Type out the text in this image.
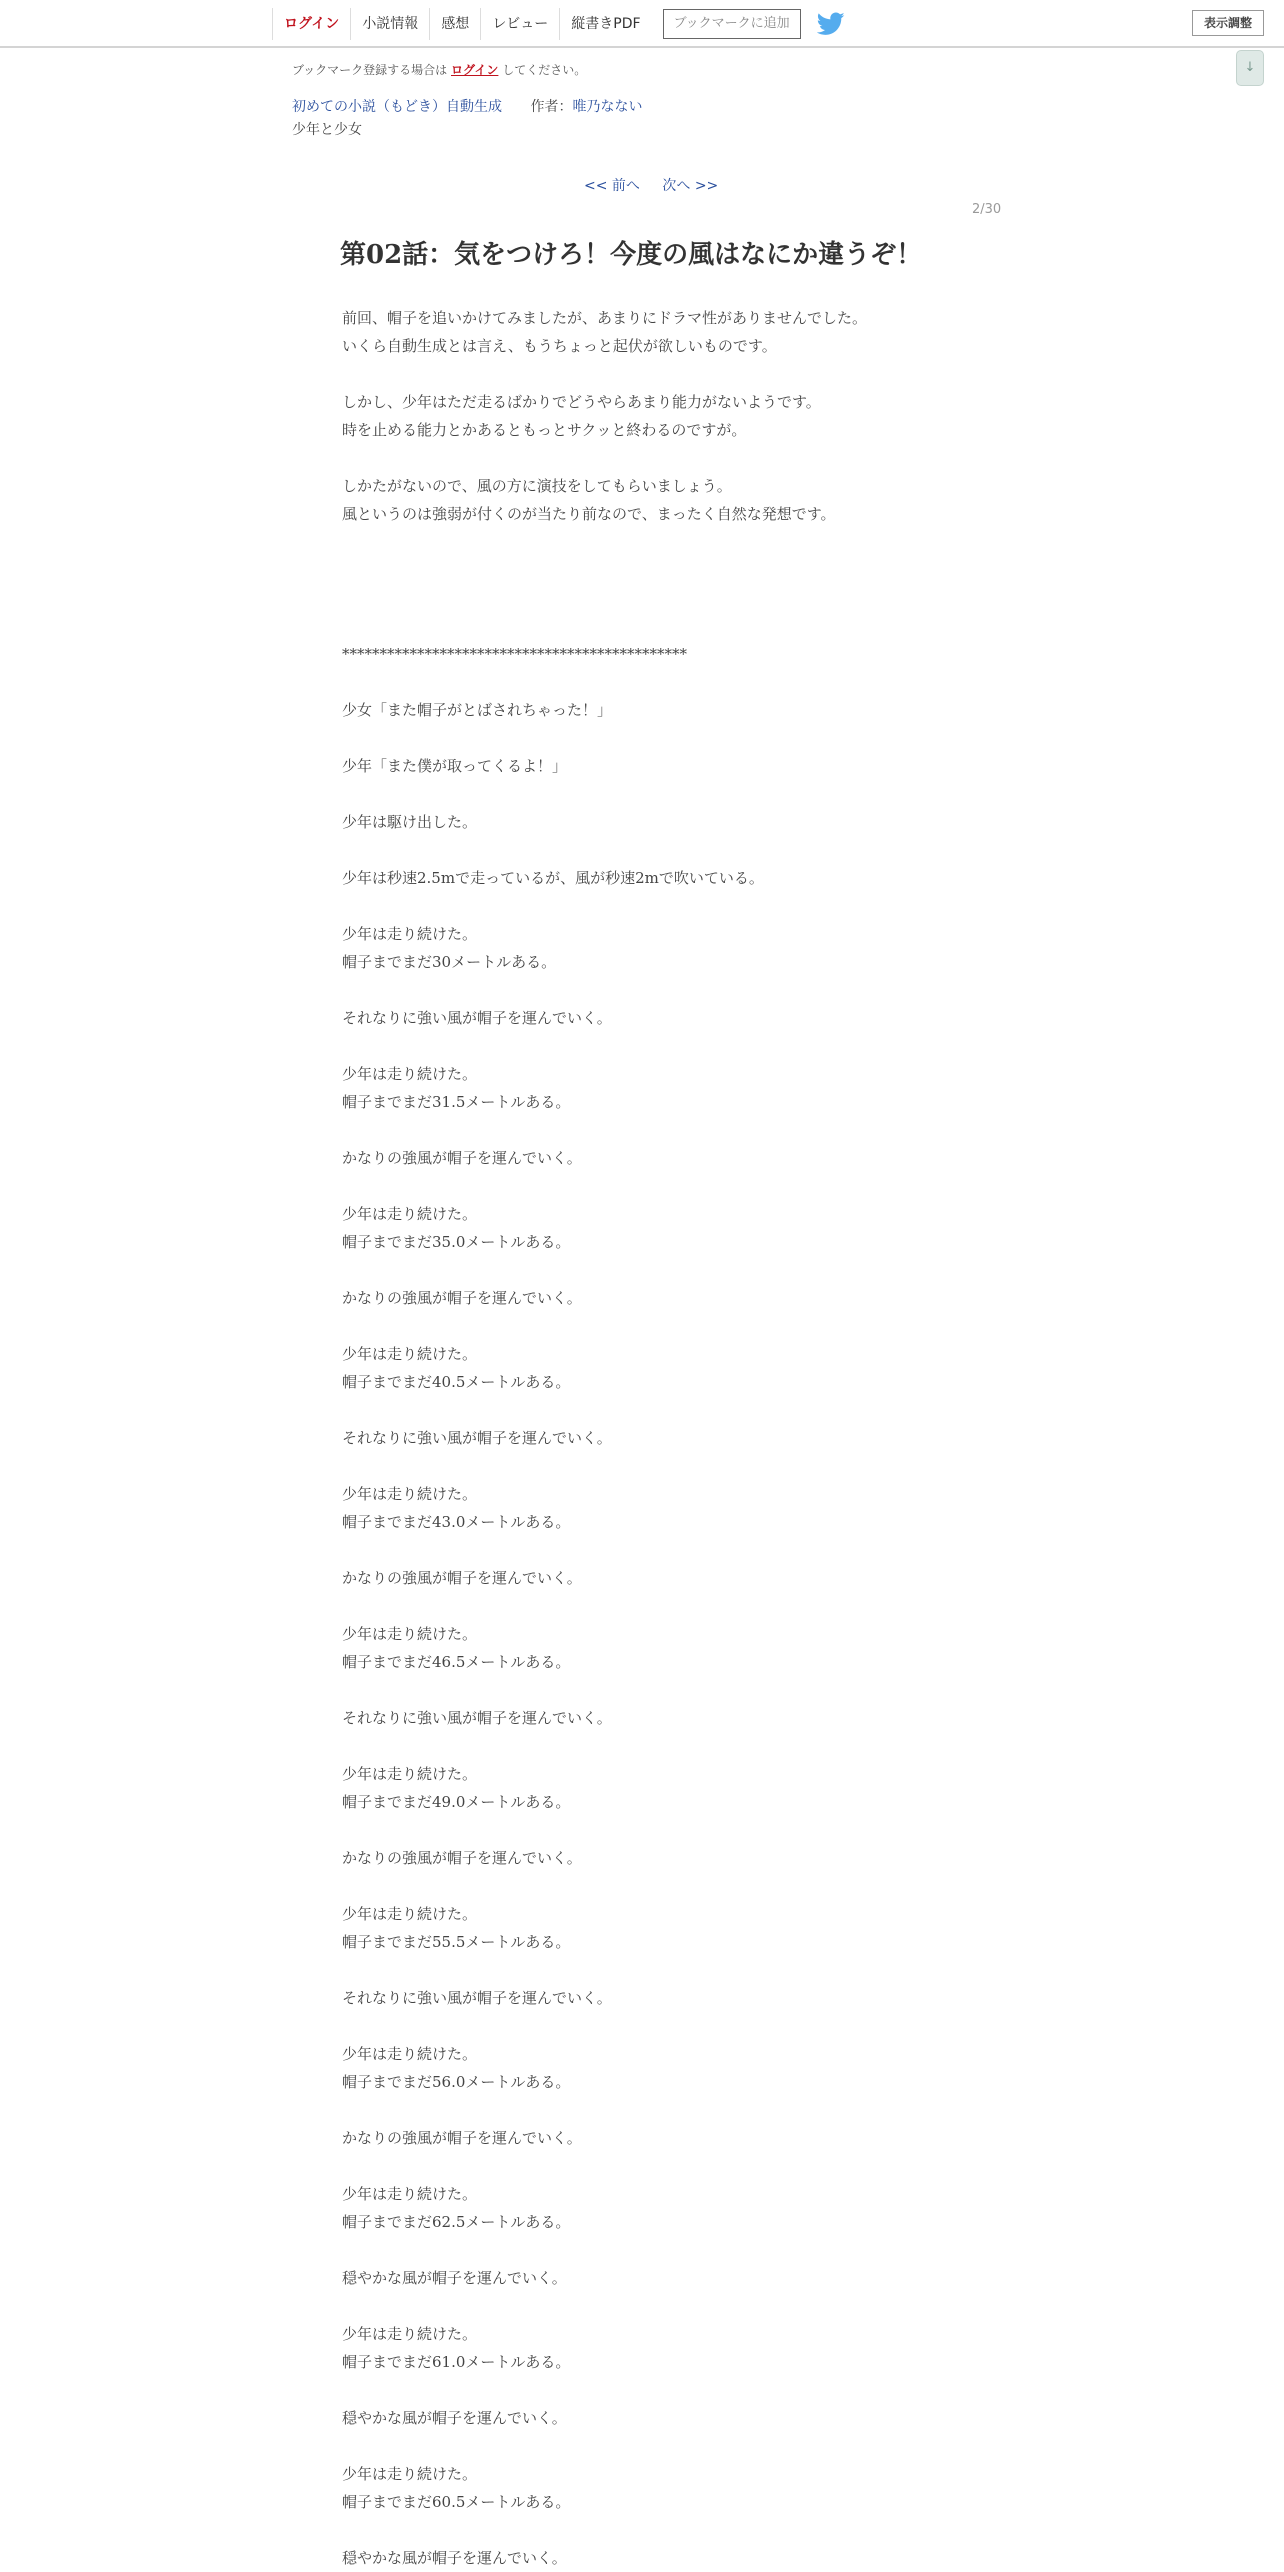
ログイン	小説情報	感想	レビュー	縦書きPDF	ブックマークに追加	表示調整
↓
ブックマーク登録する場合は ログイン してください。
初めての小説（もどき）自動生成 作者：唯乃なない
少年と少女
<< 前へ 次へ >>
2/30
第02話：気をつけろ！今度の風はなにか違うぞ！
前回、帽子を追いかけてみましたが、あまりにドラマ性がありませんでした。
いくら自動生成とは言え、もうちょっと起伏が欲しいものです。
しかし、少年はただ走るばかりでどうやらあまり能力がないようです。
時を止める能力とかあるともっとサクッと終わるのですが。
しかたがないので、風の方に演技をしてもらいましょう。
風というのは強弱が付くのが当たり前なので、まったく自然な発想です。
**********************************************
少女「また帽子がとばされちゃった！」
少年「また僕が取ってくるよ！」
少年は駆け出した。
少年は秒速2.5mで走っているが、風が秒速2mで吹いている。
少年は走り続けた。
帽子までまだ30メートルある。
それなりに強い風が帽子を運んでいく。
少年は走り続けた。
帽子までまだ31.5メートルある。
かなりの強風が帽子を運んでいく。
少年は走り続けた。
帽子までまだ35.0メートルある。
かなりの強風が帽子を運んでいく。
少年は走り続けた。
帽子までまだ40.5メートルある。
それなりに強い風が帽子を運んでいく。
少年は走り続けた。
帽子までまだ43.0メートルある。
かなりの強風が帽子を運んでいく。
少年は走り続けた。
帽子までまだ46.5メートルある。
それなりに強い風が帽子を運んでいく。
少年は走り続けた。
帽子までまだ49.0メートルある。
かなりの強風が帽子を運んでいく。
少年は走り続けた。
帽子までまだ55.5メートルある。
それなりに強い風が帽子を運んでいく。
少年は走り続けた。
帽子までまだ56.0メートルある。
かなりの強風が帽子を運んでいく。
少年は走り続けた。
帽子までまだ62.5メートルある。
穏やかな風が帽子を運んでいく。
少年は走り続けた。
帽子までまだ61.0メートルある。
穏やかな風が帽子を運んでいく。
少年は走り続けた。
帽子までまだ60.5メートルある。
穏やかな風が帽子を運んでいく。
